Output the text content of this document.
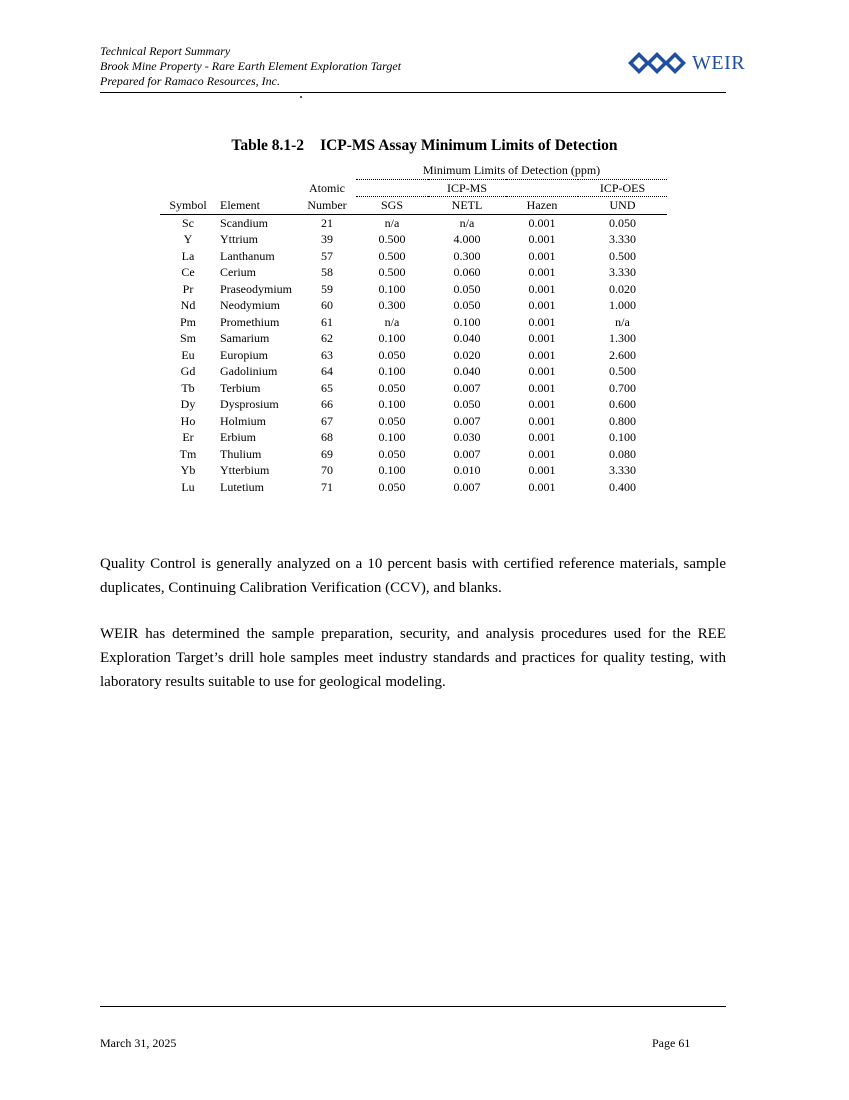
Technical Report Summary
Brook Mine Property - Rare Earth Element Exploration Target
Prepared for Ramaco Resources, Inc.
WEIR
Table 8.1-2 ICP-MS Assay Minimum Limits of Detection
			Minimum Limits of Detection (ppm)			
		Atomic	ICP-MS			ICP-OES
Symbol	Element	Number	SGS	NETL	Hazen	UND
Sc	Scandium	21	n/a	n/a	0.001	0.050
Y	Yttrium	39	0.500	4.000	0.001	3.330
La	Lanthanum	57	0.500	0.300	0.001	0.500
Ce	Cerium	58	0.500	0.060	0.001	3.330
Pr	Praseodymium	59	0.100	0.050	0.001	0.020
Nd	Neodymium	60	0.300	0.050	0.001	1.000
Pm	Promethium	61	n/a	0.100	0.001	n/a
Sm	Samarium	62	0.100	0.040	0.001	1.300
Eu	Europium	63	0.050	0.020	0.001	2.600
Gd	Gadolinium	64	0.100	0.040	0.001	0.500
Tb	Terbium	65	0.050	0.007	0.001	0.700
Dy	Dysprosium	66	0.100	0.050	0.001	0.600
Ho	Holmium	67	0.050	0.007	0.001	0.800
Er	Erbium	68	0.100	0.030	0.001	0.100
Tm	Thulium	69	0.050	0.007	0.001	0.080
Yb	Ytterbium	70	0.100	0.010	0.001	3.330
Lu	Lutetium	71	0.050	0.007	0.001	0.400

Quality Control is generally analyzed on a 10 percent basis with certified reference materials, sample duplicates, Continuing Calibration Verification (CCV), and blanks.

WEIR has determined the sample preparation, security, and analysis procedures used for the REE Exploration Target’s drill hole samples meet industry standards and practices for quality testing, with laboratory results suitable to use for geological modeling.

March 31, 2025	Page 61
